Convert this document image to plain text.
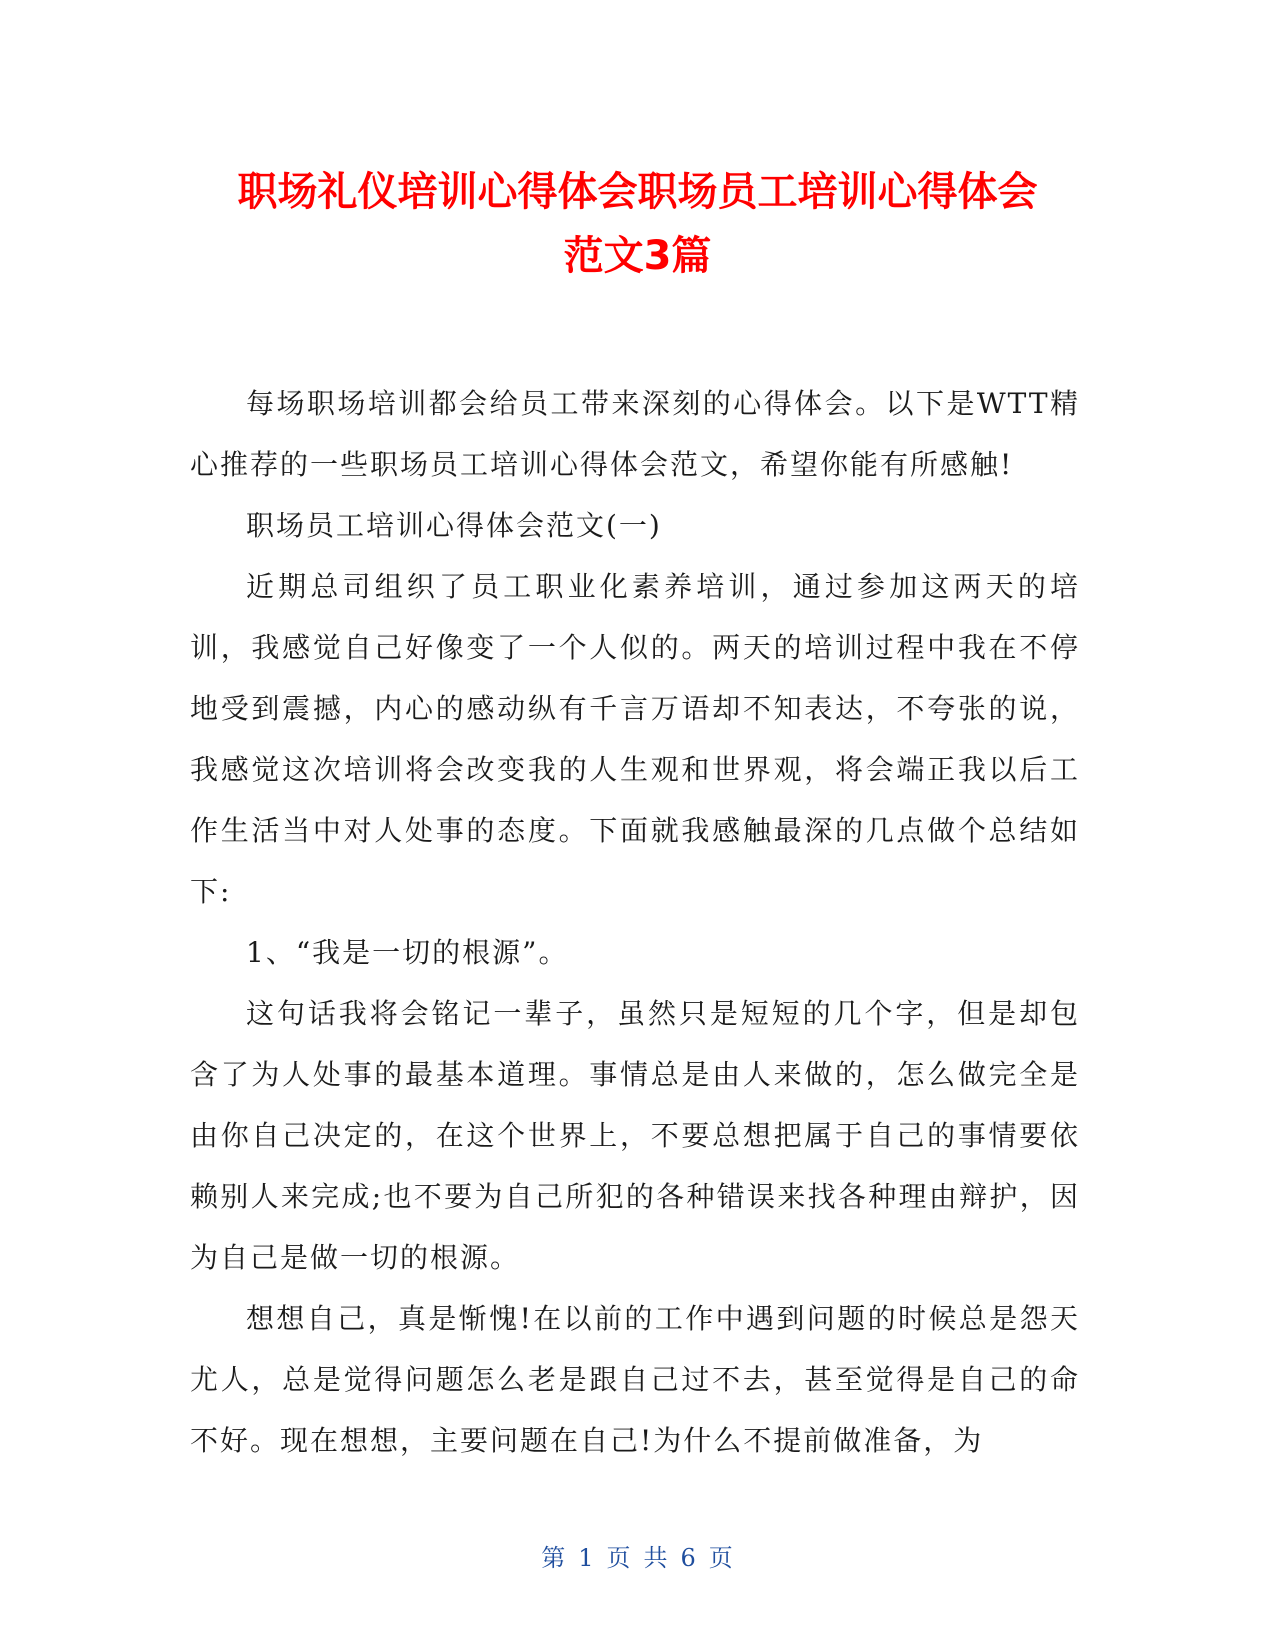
职场礼仪培训心得体会职场员工培训心得体会
范文3篇

每场职场培训都会给员工带来深刻的心得体会。以下是WTT精心推荐的一些职场员工培训心得体会范文，希望你能有所感触!

职场员工培训心得体会范文(一)

近期总司组织了员工职业化素养培训，通过参加这两天的培训，我感觉自己好像变了一个人似的。两天的培训过程中我在不停地受到震撼，内心的感动纵有千言万语却不知表达，不夸张的说，我感觉这次培训将会改变我的人生观和世界观，将会端正我以后工作生活当中对人处事的态度。下面就我感触最深的几点做个总结如下:

1、“我是一切的根源”。

这句话我将会铭记一辈子，虽然只是短短的几个字，但是却包含了为人处事的最基本道理。事情总是由人来做的，怎么做完全是由你自己决定的，在这个世界上，不要总想把属于自己的事情要依赖别人来完成;也不要为自己所犯的各种错误来找各种理由辩护，因为自己是做一切的根源。

想想自己，真是惭愧!在以前的工作中遇到问题的时候总是怨天尤人，总是觉得问题怎么老是跟自己过不去，甚至觉得是自己的命不好。现在想想，主要问题在自己!为什么不提前做准备，为

第 1 页 共 6 页
